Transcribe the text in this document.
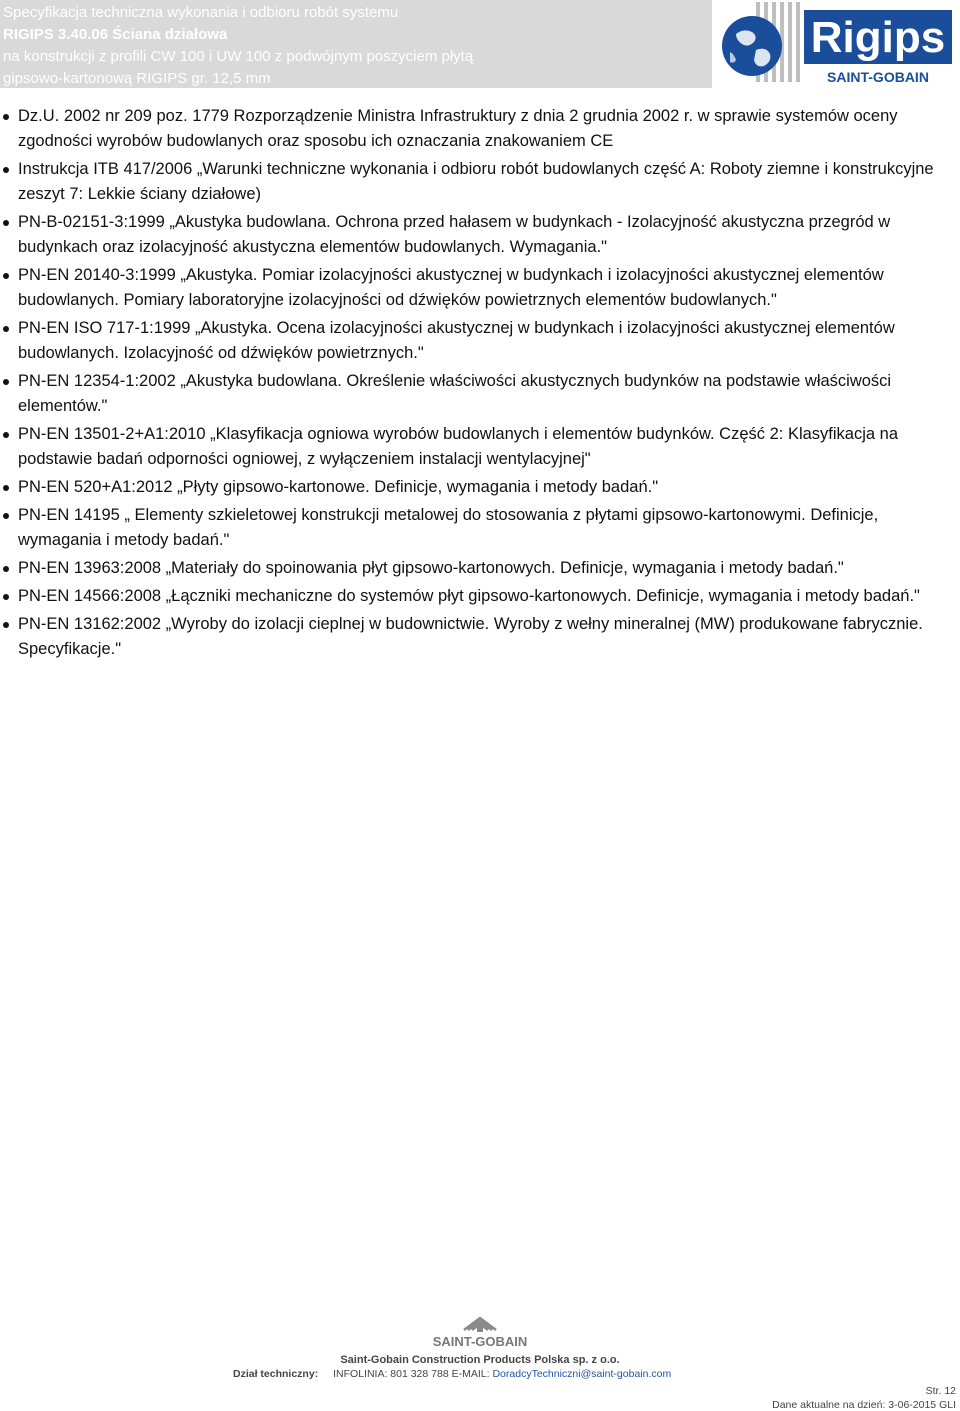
Specyfikacja techniczna wykonania i odbioru robót systemu
RIGIPS 3.40.06 Ściana działowa
na konstrukcji z profili CW 100 i UW 100 z podwójnym poszyciem płytą
gipsowo-kartonową RIGIPS gr. 12,5 mm
Rigips
SAINT-GOBAIN
Dz.U. 2002 nr 209 poz. 1779 Rozporządzenie Ministra Infrastruktury z dnia 2 grudnia 2002 r. w sprawie systemów oceny zgodności wyrobów budowlanych oraz sposobu ich oznaczania znakowaniem CE
Instrukcja ITB 417/2006 „Warunki techniczne wykonania i odbioru robót budowlanych część A: Roboty ziemne i konstrukcyjne zeszyt 7: Lekkie ściany działowe)
PN-B-02151-3:1999 „Akustyka budowlana. Ochrona przed hałasem w budynkach - Izolacyjność akustyczna przegród w budynkach oraz izolacyjność akustyczna elementów budowlanych. Wymagania."
PN-EN 20140-3:1999 „Akustyka. Pomiar izolacyjności akustycznej w budynkach i izolacyjności akustycznej elementów budowlanych. Pomiary laboratoryjne izolacyjności od dźwięków powietrznych elementów budowlanych."
PN-EN ISO 717-1:1999 „Akustyka. Ocena izolacyjności akustycznej w budynkach i izolacyjności akustycznej elementów budowlanych. Izolacyjność od dźwięków powietrznych."
PN-EN 12354-1:2002 „Akustyka budowlana. Określenie właściwości akustycznych budynków na podstawie właściwości elementów."
PN-EN 13501-2+A1:2010 „Klasyfikacja ogniowa wyrobów budowlanych i elementów budynków. Część 2: Klasyfikacja na podstawie badań odporności ogniowej, z wyłączeniem instalacji wentylacyjnej"
PN-EN 520+A1:2012 „Płyty gipsowo-kartonowe. Definicje, wymagania i metody badań."
PN-EN 14195 „ Elementy szkieletowej konstrukcji metalowej do stosowania z płytami gipsowo-kartonowymi. Definicje, wymagania i metody badań."
PN-EN 13963:2008 „Materiały do spoinowania płyt gipsowo-kartonowych. Definicje, wymagania i metody badań."
PN-EN 14566:2008 „Łączniki mechaniczne do systemów płyt gipsowo-kartonowych. Definicje, wymagania i metody badań."
PN-EN 13162:2002 „Wyroby do izolacji cieplnej w budownictwie. Wyroby z wełny mineralnej (MW) produkowane fabrycznie. Specyfikacje."
SAINT-GOBAIN
Saint-Gobain Construction Products Polska sp. z o.o.
Dział techniczny: INFOLINIA: 801 328 788 E-MAIL: DoradcyTechniczni@saint-gobain.com
Str. 12
Dane aktualne na dzień: 3-06-2015 GLI
